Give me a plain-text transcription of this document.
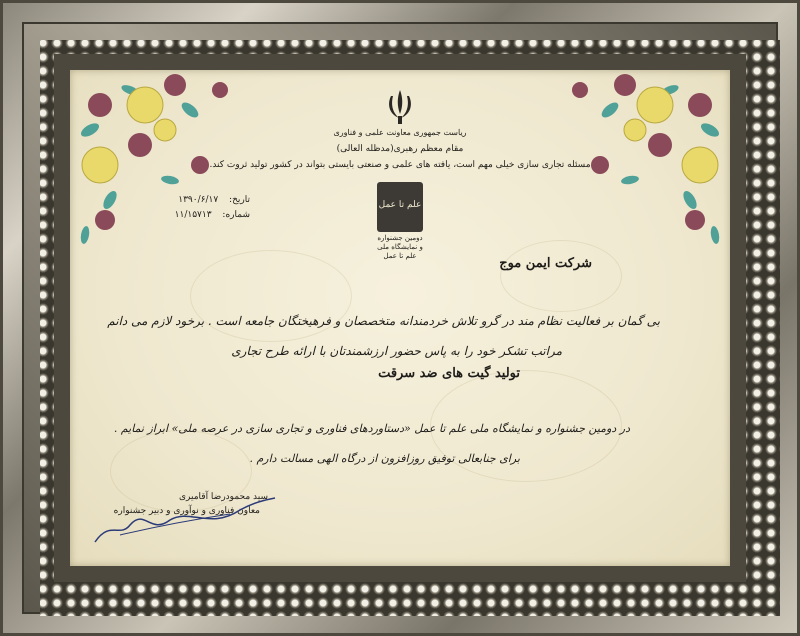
ریاست جمهوری معاونت علمی و فناوری
مقام معظم رهبری(مدظله العالی)
مسئله تجاری سازی خیلی مهم است، یافته های علمی و صنعتی بایستی بتواند در کشور تولید ثروت کند.
تاریخ: ۱۳۹۰/۶/۱۷
شماره: ۱۱/۱۵۷۱۳
علم تا عمل
دومین جشنواره
و نمایشگاه ملی
علم تا عمل	شرکت ایمن موج
بی گمان بر فعالیت نظام مند در گرو تلاش خردمندانه متخصصان و فرهیختگان جامعه است . برخود لازم می دانم
مراتب تشکر خود را به پاس حضور ارزشمندتان با ارائه طرح تجاری
تولید گیت های ضد سرقت
در دومین جشنواره و نمایشگاه ملی علم تا عمل «دستاوردهای فناوری و تجاری سازی در عرصه ملی» ابراز نمایم .
برای جنابعالی توفیق روزافزون از درگاه الهی مسالت دارم .
سید محمودرضا آقامیری
معاون فناوری و نوآوری و دبیر جشنواره
